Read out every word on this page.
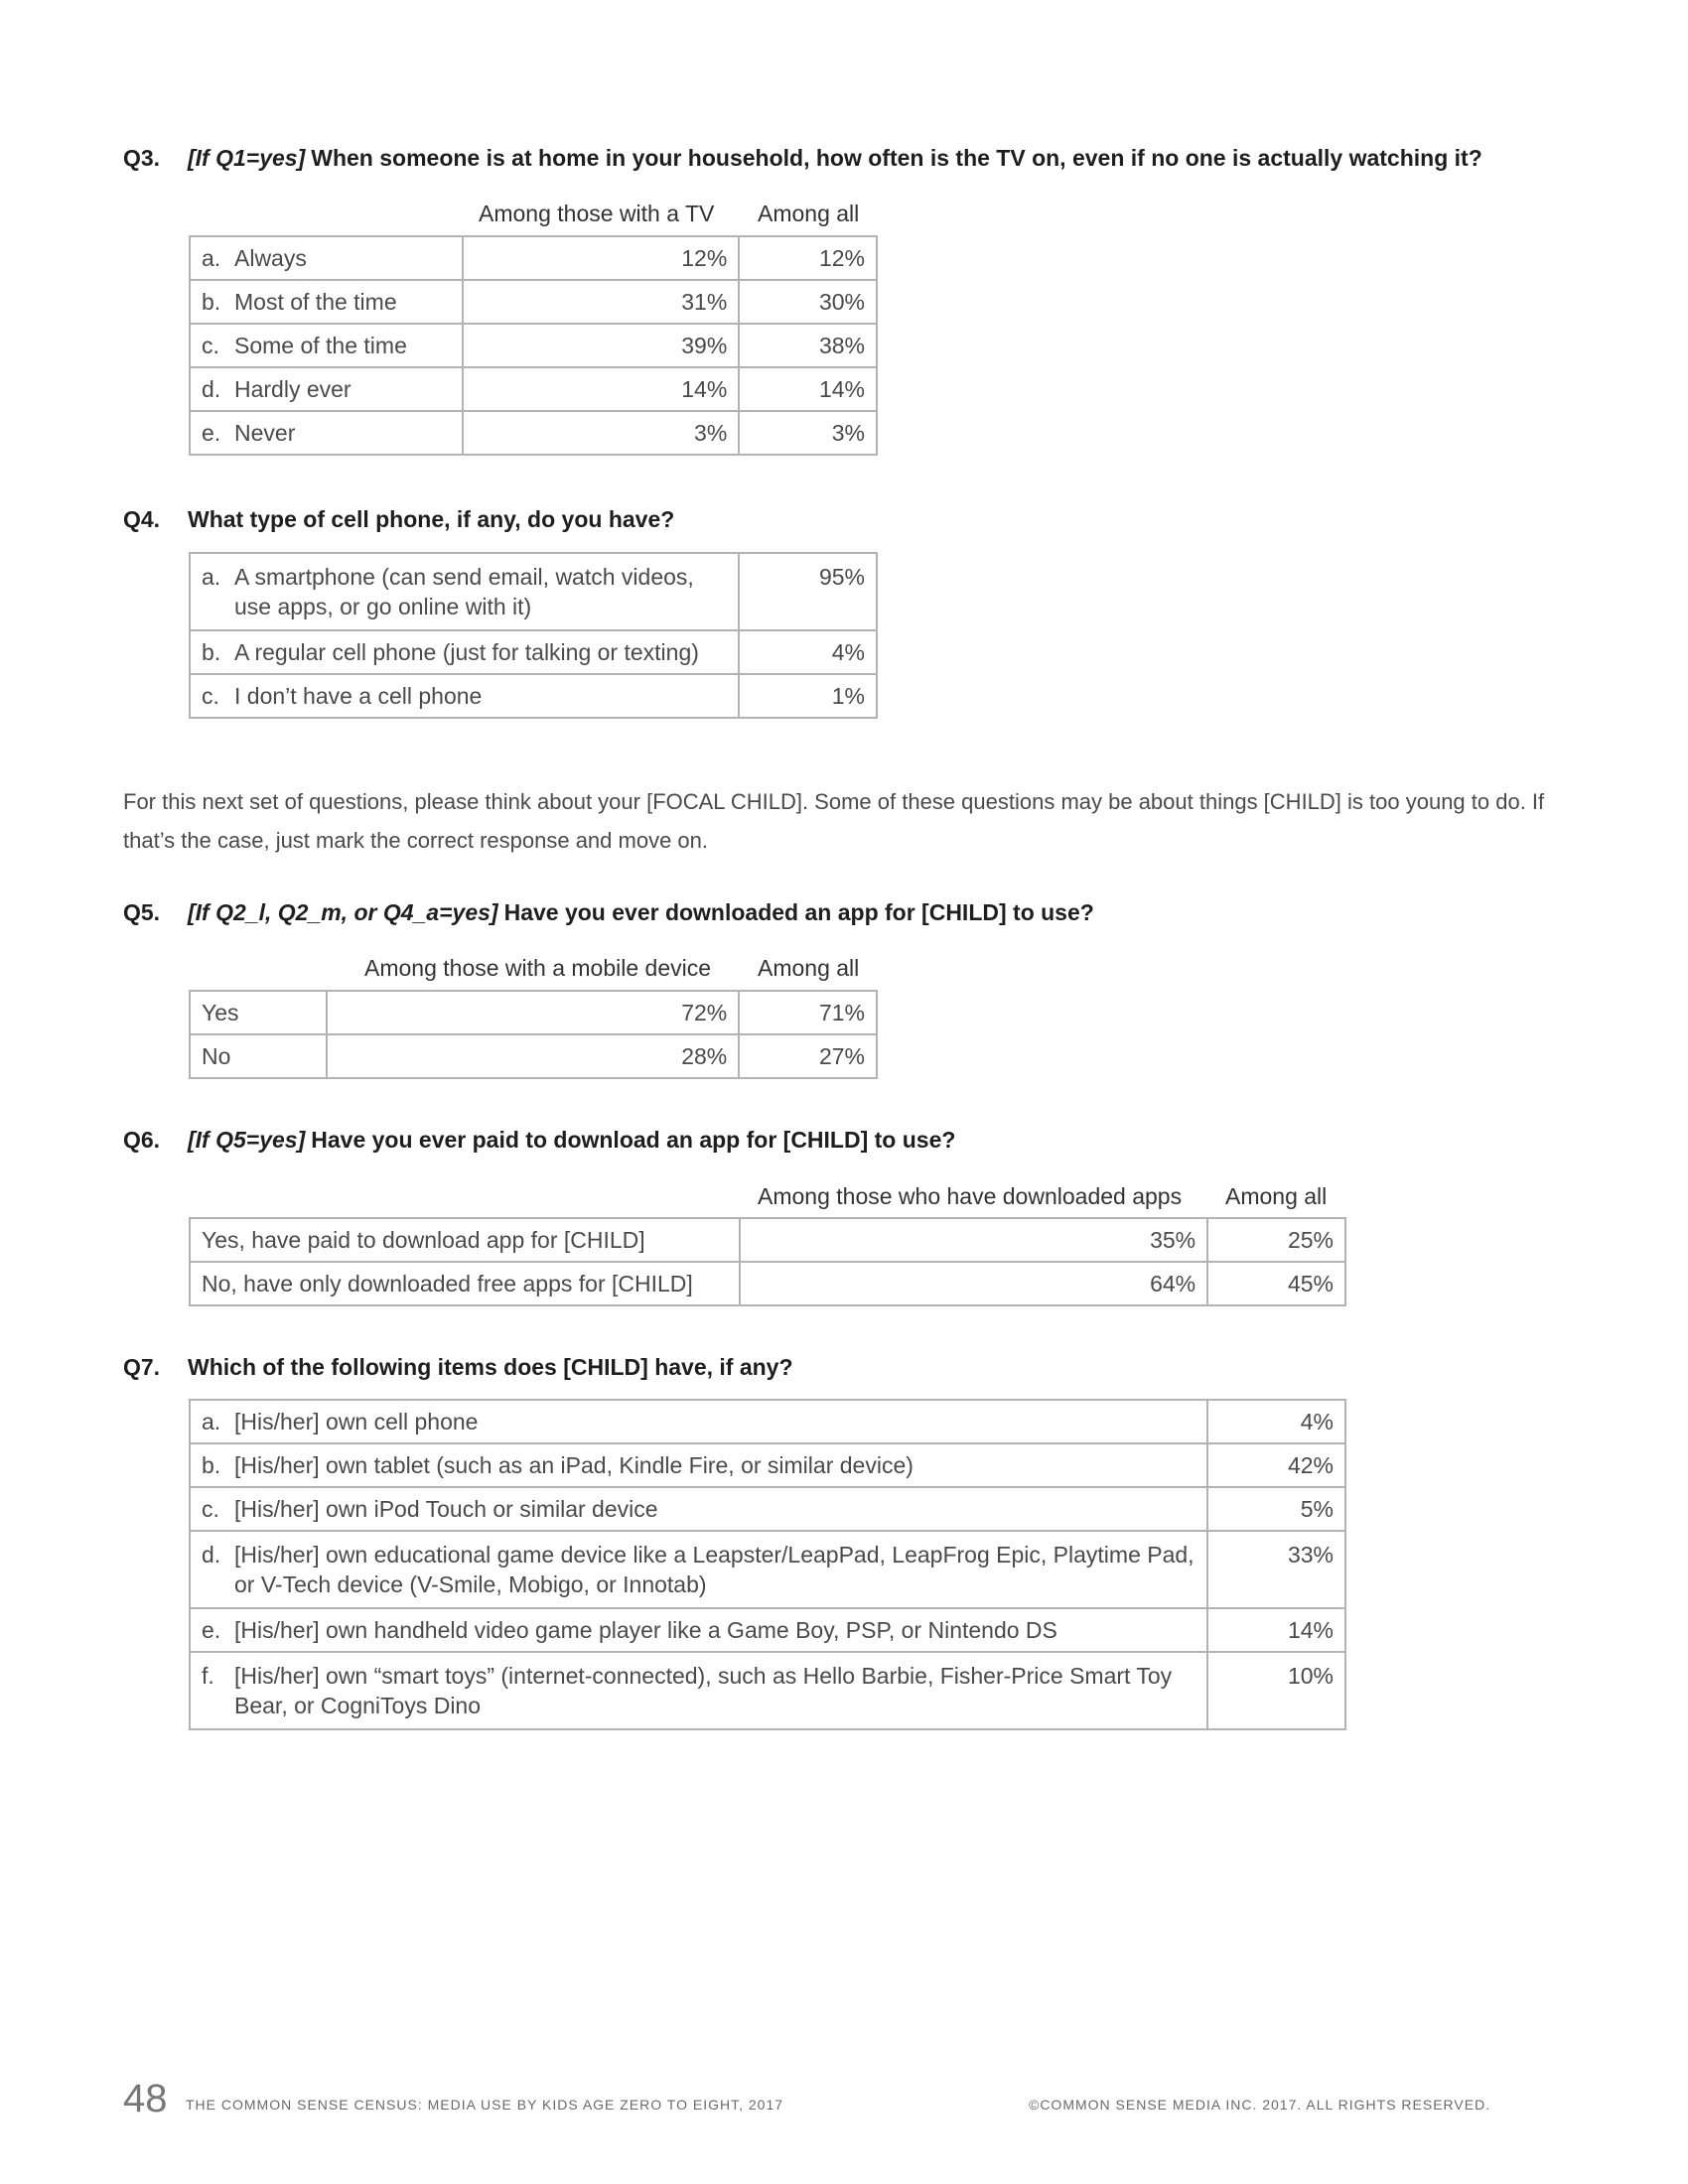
Q3. [If Q1=yes] When someone is at home in your household, how often is the TV on, even if no one is actually watching it?
Among those with a TV Among all
a. Always	12%	12%
b. Most of the time	31%	30%
c. Some of the time	39%	38%
d. Hardly ever	14%	14%
e. Never	3%	3%
Q4. What type of cell phone, if any, do you have?
a. A smartphone (can send email, watch videos, use apps, or go online with it)	95%
b. A regular cell phone (just for talking or texting)	4%
c. I don’t have a cell phone	1%
For this next set of questions, please think about your [FOCAL CHILD]. Some of these questions may be about things [CHILD] is too young to do. If that’s the case, just mark the correct response and move on.
Q5. [If Q2_l, Q2_m, or Q4_a=yes] Have you ever downloaded an app for [CHILD] to use?
Among those with a mobile device Among all
Yes	72%	71%
No	28%	27%
Q6. [If Q5=yes] Have you ever paid to download an app for [CHILD] to use?
Among those who have downloaded apps Among all
Yes, have paid to download app for [CHILD]	35%	25%
No, have only downloaded free apps for [CHILD]	64%	45%
Q7. Which of the following items does [CHILD] have, if any?
a. [His/her] own cell phone	4%
b. [His/her] own tablet (such as an iPad, Kindle Fire, or similar device)	42%
c. [His/her] own iPod Touch or similar device	5%

d. [His/her] own educational game device like a Leapster/LeapPad, LeapFrog Epic, Playtime Pad, or V-Tech device (V-Smile, Mobigo, or Innotab)	33%
e. [His/her] own handheld video game player like a Game Boy, PSP, or Nintendo DS	14%

f. [His/her] own “smart toys” (internet-connected), such as Hello Barbie, Fisher-Price Smart Toy Bear, or CogniToys Dino	10%
48 THE COMMON SENSE CENSUS: MEDIA USE BY KIDS AGE ZERO TO EIGHT, 2017	©COMMON SENSE MEDIA INC. 2017. ALL RIGHTS RESERVED.
